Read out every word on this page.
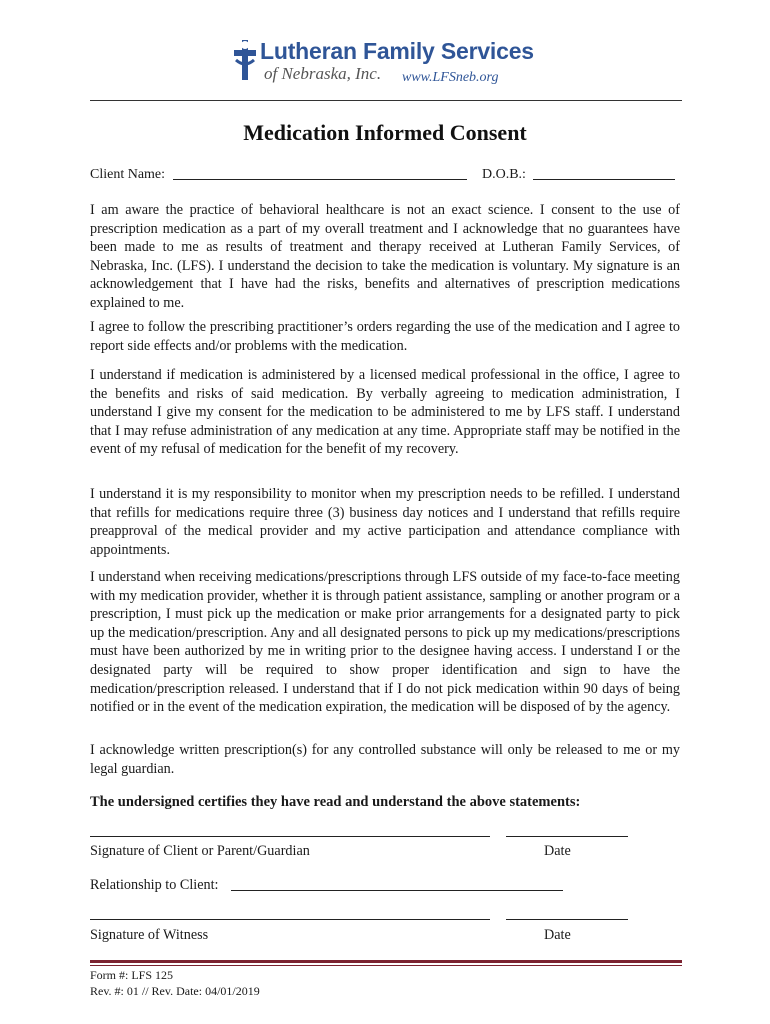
Lutheran Family Services
of Nebraska, Inc. www.LFSneb.org
Medication Informed Consent
Client Name:	D.O.B.:

I am aware the practice of behavioral healthcare is not an exact science. I consent to the use of prescription medication as a part of my overall treatment and I acknowledge that no guarantees have been made to me as results of treatment and therapy received at Lutheran Family Services, of Nebraska, Inc. (LFS). I understand the decision to take the medication is voluntary. My signature is an acknowledgement that I have had the risks, benefits and alternatives of prescription medications explained to me.

I agree to follow the prescribing practitioner’s orders regarding the use of the medication and I agree to report side effects and/or problems with the medication.

I understand if medication is administered by a licensed medical professional in the office, I agree to the benefits and risks of said medication. By verbally agreeing to medication administration, I understand I give my consent for the medication to be administered to me by LFS staff. I understand that I may refuse administration of any medication at any time. Appropriate staff may be notified in the event of my refusal of medication for the benefit of my recovery.

I understand it is my responsibility to monitor when my prescription needs to be refilled. I understand that refills for medications require three (3) business day notices and I understand that refills require preapproval of the medical provider and my active participation and attendance compliance with appointments.

I understand when receiving medications/prescriptions through LFS outside of my face-to-face meeting with my medication provider, whether it is through patient assistance, sampling or another program or a prescription, I must pick up the medication or make prior arrangements for a designated party to pick up the medication/prescription. Any and all designated persons to pick up my medications/prescriptions must have been authorized by me in writing prior to the designee having access. I understand I or the designated party will be required to show proper identification and sign to have the medication/prescription released. I understand that if I do not pick medication within 90 days of being notified or in the event of the medication expiration, the medication will be disposed of by the agency.

I acknowledge written prescription(s) for any controlled substance will only be released to me or my legal guardian.

The undersigned certifies they have read and understand the above statements:
Signature of Client or Parent/Guardian	Date
Relationship to Client:
Signature of Witness	Date
Form #: LFS 125
Rev. #: 01 // Rev. Date: 04/01/2019
